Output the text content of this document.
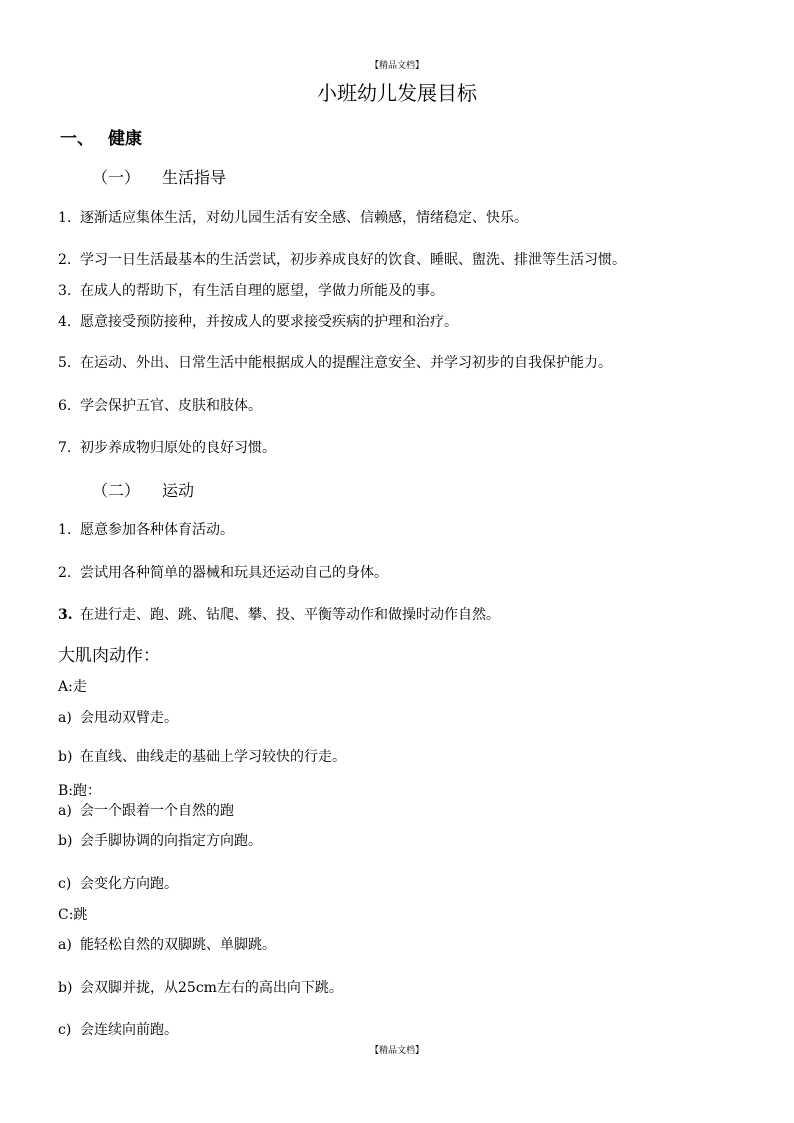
【精品文档】
小班幼儿发展目标
一、 健康
（一） 生活指导
1. 逐渐适应集体生活，对幼儿园生活有安全感、信赖感，情绪稳定、快乐。
2. 学习一日生活最基本的生活尝试，初步养成良好的饮食、睡眠、盥洗、排泄等生活习惯。
3. 在成人的帮助下，有生活自理的愿望，学做力所能及的事。
4. 愿意接受预防接种，并按成人的要求接受疾病的护理和治疗。
5. 在运动、外出、日常生活中能根据成人的提醒注意安全、并学习初步的自我保护能力。
6. 学会保护五官、皮肤和肢体。
7. 初步养成物归原处的良好习惯。
（二） 运动
1. 愿意参加各种体育活动。
2. 尝试用各种简单的器械和玩具还运动自己的身体。
3. 在进行走、跑、跳、钻爬、攀、投、平衡等动作和做操时动作自然。
大肌肉动作：
A:走
a) 会甩动双臂走。
b) 在直线、曲线走的基础上学习较快的行走。
B:跑：
a) 会一个跟着一个自然的跑
b) 会手脚协调的向指定方向跑。
c) 会变化方向跑。
C:跳
a) 能轻松自然的双脚跳、单脚跳。
b) 会双脚并拢，从25cm左右的高出向下跳。
c) 会连续向前跑。
【精品文档】
